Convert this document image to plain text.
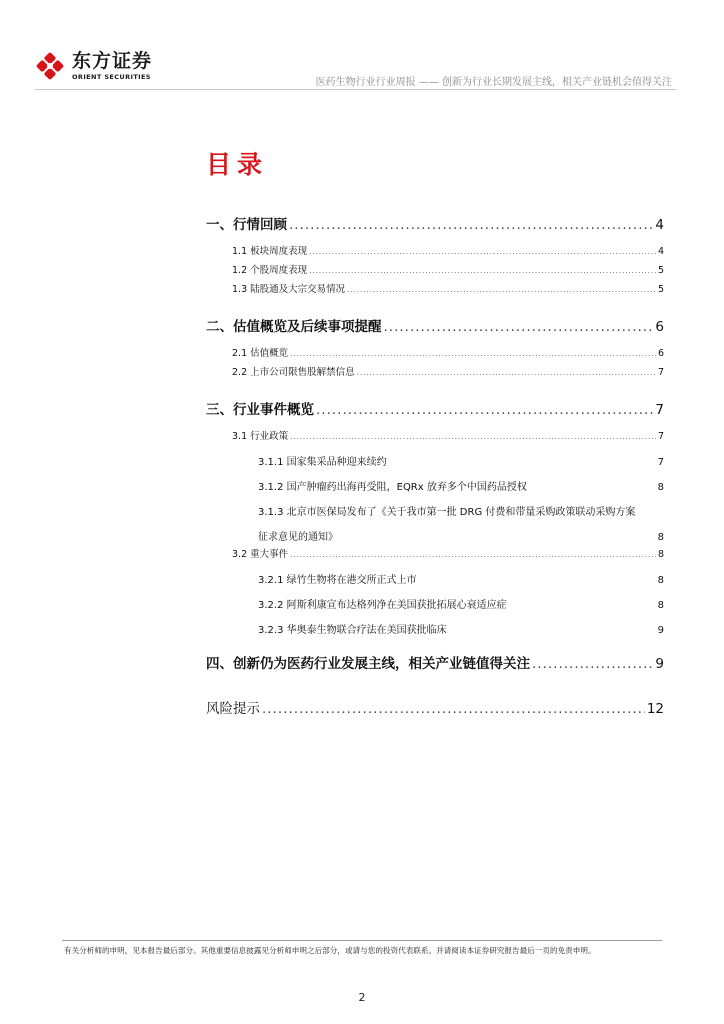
东方证券
ORIENT SECURITIES	医药生物行业行业周报 —— 创新为行业长期发展主线，相关产业链机会值得关注
目录
一、行情回顾 .....	4
1.1 板块周度表现 .....	4
1.2 个股周度表现 .....	5
1.3 陆股通及大宗交易情况 .....	5
二、估值概览及后续事项提醒 .....	6
2.1 估值概览 .....	6
2.2 上市公司限售股解禁信息 .....	7
三、行业事件概览 .....	7
3.1 行业政策 .....	7
3.1.1 国家集采品种迎来续约	7
3.1.2 国产肿瘤药出海再受阻，EQRx 放弃多个中国药品授权	8
3.1.3 北京市医保局发布了《关于我市第一批 DRG 付费和带量采购政策联动采购方案
征求意见的通知》	8
3.2 重大事件 .....	8
3.2.1 绿竹生物将在港交所正式上市	8
3.2.2 阿斯利康宣布达格列净在美国获批拓展心衰适应症	8
3.2.3 华奥泰生物联合疗法在美国获批临床	9
四、创新仍为医药行业发展主线，相关产业链值得关注 .....	9
风险提示 .....	12
有关分析师的申明，见本报告最后部分。其他重要信息披露见分析师申明之后部分，或请与您的投资代表联系。并请阅读本证券研究报告最后一页的免责申明。
2
